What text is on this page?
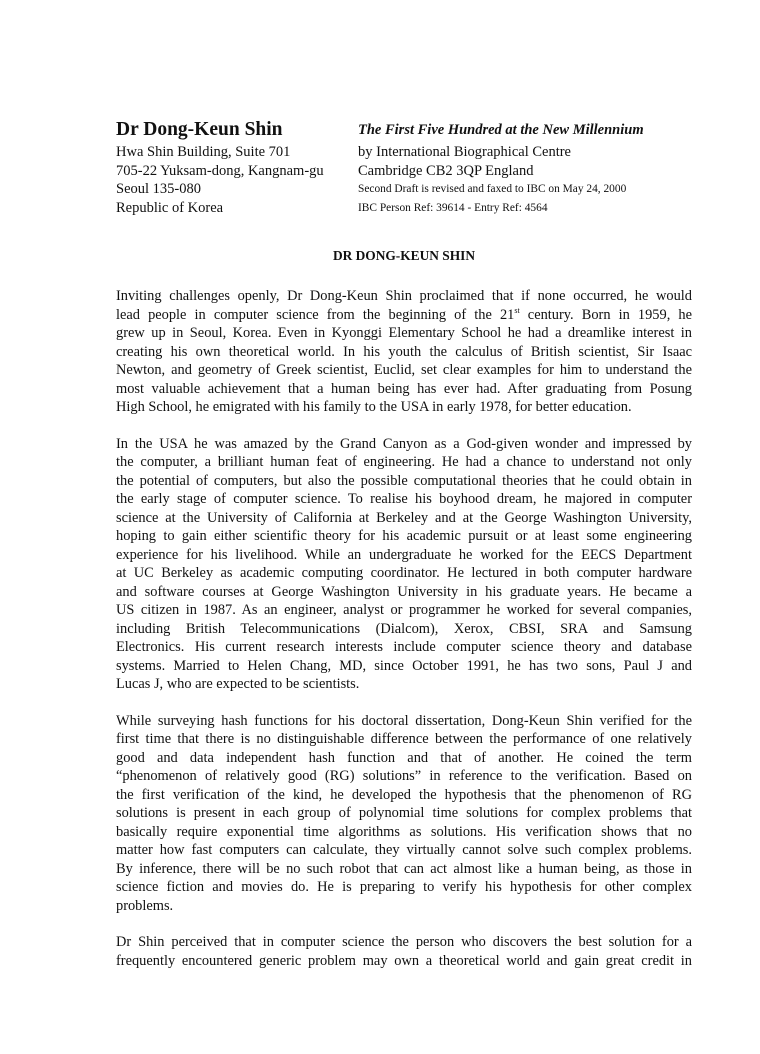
Dr Dong-Keun Shin
Hwa Shin Building, Suite 701
705-22 Yuksam-dong, Kangnam-gu
Seoul 135-080
Republic of Korea
The First Five Hundred at the New Millennium
by International Biographical Centre
Cambridge CB2 3QP England
Second Draft is revised and faxed to IBC on May 24, 2000
IBC Person Ref: 39614 - Entry Ref: 4564
DR DONG-KEUN SHIN
Inviting challenges openly, Dr Dong-Keun Shin proclaimed that if none occurred, he would
lead people in computer science from the beginning of the 21st century. Born in 1959, he
grew up in Seoul, Korea. Even in Kyonggi Elementary School he had a dreamlike interest in
creating his own theoretical world. In his youth the calculus of British scientist, Sir Isaac
Newton, and geometry of Greek scientist, Euclid, set clear examples for him to understand the
most valuable achievement that a human being has ever had. After graduating from Posung
High School, he emigrated with his family to the USA in early 1978, for better education.
In the USA he was amazed by the Grand Canyon as a God-given wonder and impressed by
the computer, a brilliant human feat of engineering. He had a chance to understand not only
the potential of computers, but also the possible computational theories that he could obtain in
the early stage of computer science. To realise his boyhood dream, he majored in computer
science at the University of California at Berkeley and at the George Washington University,
hoping to gain either scientific theory for his academic pursuit or at least some engineering
experience for his livelihood. While an undergraduate he worked for the EECS Department
at UC Berkeley as academic computing coordinator. He lectured in both computer hardware
and software courses at George Washington University in his graduate years. He became a
US citizen in 1987. As an engineer, analyst or programmer he worked for several companies,
including British Telecommunications (Dialcom), Xerox, CBSI, SRA and Samsung
Electronics. His current research interests include computer science theory and database
systems. Married to Helen Chang, MD, since October 1991, he has two sons, Paul J and
Lucas J, who are expected to be scientists.
While surveying hash functions for his doctoral dissertation, Dong-Keun Shin verified for the
first time that there is no distinguishable difference between the performance of one relatively
good and data independent hash function and that of another. He coined the term
“phenomenon of relatively good (RG) solutions” in reference to the verification. Based on
the first verification of the kind, he developed the hypothesis that the phenomenon of RG
solutions is present in each group of polynomial time solutions for complex problems that
basically require exponential time algorithms as solutions. His verification shows that no
matter how fast computers can calculate, they virtually cannot solve such complex problems.
By inference, there will be no such robot that can act almost like a human being, as those in
science fiction and movies do. He is preparing to verify his hypothesis for other complex
problems.
Dr Shin perceived that in computer science the person who discovers the best solution for a
frequently encountered generic problem may own a theoretical world and gain great credit in
